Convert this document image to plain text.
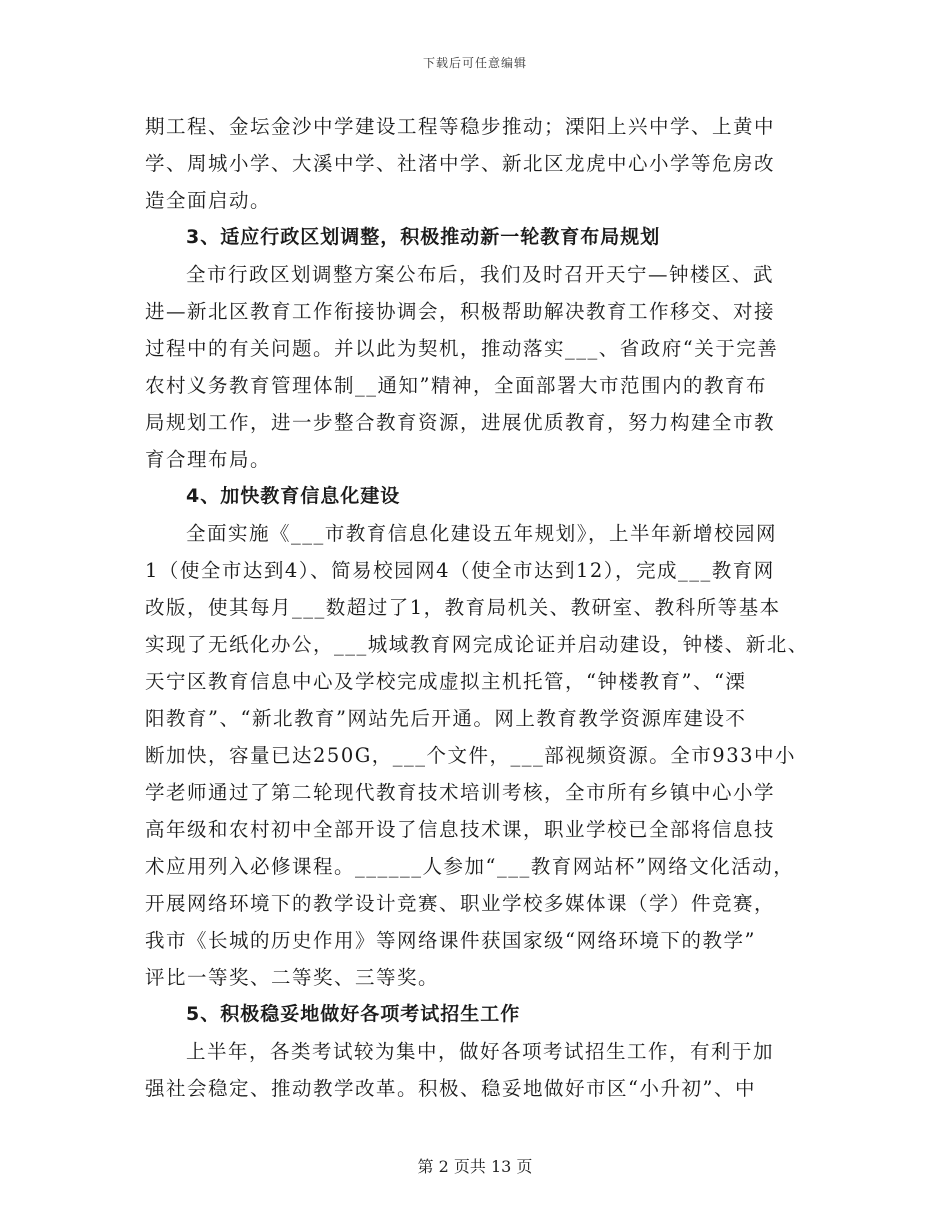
下载后可任意编辑
期工程、金坛金沙中学建设工程等稳步推动；溧阳上兴中学、上黄中
学、周城小学、大溪中学、社渚中学、新北区龙虎中心小学等危房改
造全面启动。
3、适应行政区划调整，积极推动新一轮教育布局规划
全市行政区划调整方案公布后，我们及时召开天宁—钟楼区、武
进—新北区教育工作衔接协调会，积极帮助解决教育工作移交、对接
过程中的有关问题。并以此为契机，推动落实___、省政府“关于完善
农村义务教育管理体制__通知”精神，全面部署大市范围内的教育布
局规划工作，进一步整合教育资源，进展优质教育，努力构建全市教
育合理布局。
4、加快教育信息化建设
全面实施《___市教育信息化建设五年规划》，上半年新增校园网
1（使全市达到4）、简易校园网4（使全市达到12），完成___教育网
改版，使其每月___数超过了1，教育局机关、教研室、教科所等基本
实现了无纸化办公，___城域教育网完成论证并启动建设，钟楼、新北、
天宁区教育信息中心及学校完成虚拟主机托管，“钟楼教育”、“溧
阳教育”、“新北教育”网站先后开通。网上教育教学资源库建设不
断加快，容量已达250G，___个文件，___部视频资源。全市933中小
学老师通过了第二轮现代教育技术培训考核，全市所有乡镇中心小学
高年级和农村初中全部开设了信息技术课，职业学校已全部将信息技
术应用列入必修课程。______人参加“___教育网站杯”网络文化活动，
开展网络环境下的教学设计竞赛、职业学校多媒体课（学）件竞赛，
我市《长城的历史作用》等网络课件获国家级“网络环境下的教学”
评比一等奖、二等奖、三等奖。
5、积极稳妥地做好各项考试招生工作
上半年，各类考试较为集中，做好各项考试招生工作，有利于加
强社会稳定、推动教学改革。积极、稳妥地做好市区“小升初”、中
第 2 页共 13 页
